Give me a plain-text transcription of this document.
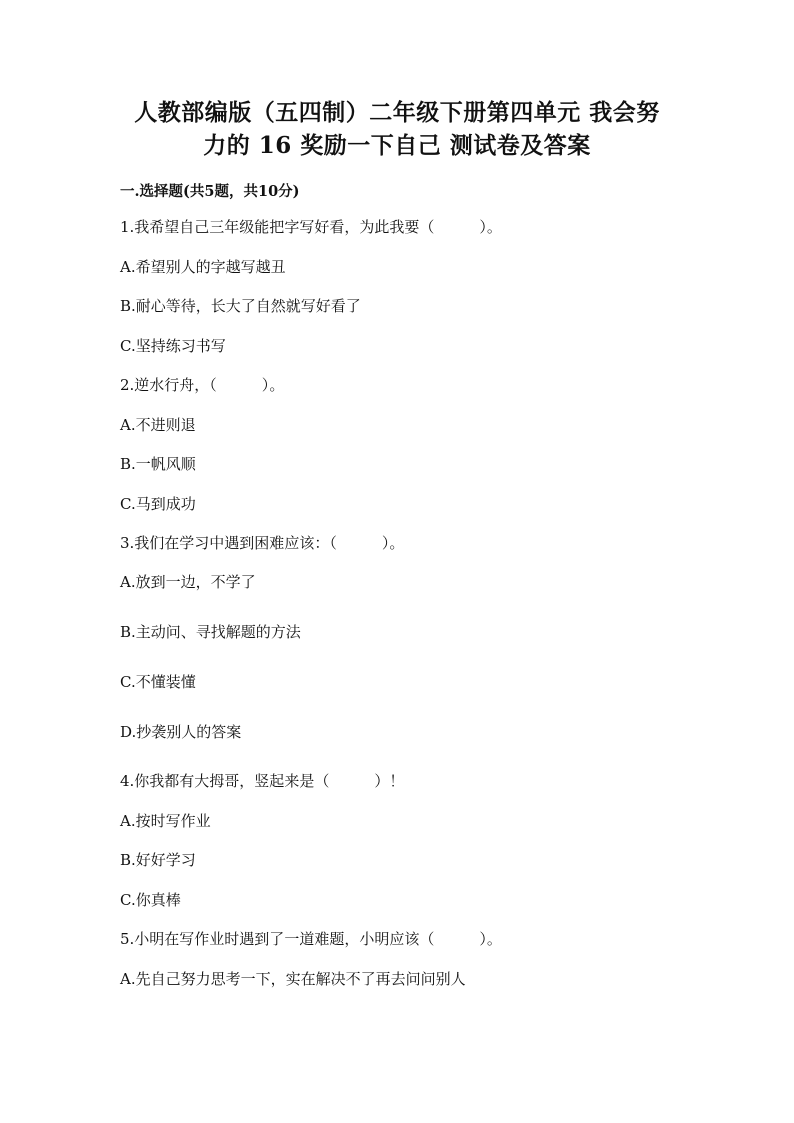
人教部编版（五四制）二年级下册第四单元 我会努
力的 16 奖励一下自己 测试卷及答案
一.选择题(共5题，共10分)
1.我希望自己三年级能把字写好看，为此我要（　　　）。
A.希望别人的字越写越丑
B.耐心等待，长大了自然就写好看了
C.坚持练习书写
2.逆水行舟，（　　　）。
A.不进则退
B.一帆风顺
C.马到成功
3.我们在学习中遇到困难应该：（　　　）。
A.放到一边，不学了
B.主动问、寻找解题的方法
C.不懂装懂
D.抄袭别人的答案
4.你我都有大拇哥，竖起来是（　　　）！
A.按时写作业
B.好好学习
C.你真棒
5.小明在写作业时遇到了一道难题，小明应该（　　　）。
A.先自己努力思考一下，实在解决不了再去问问别人
